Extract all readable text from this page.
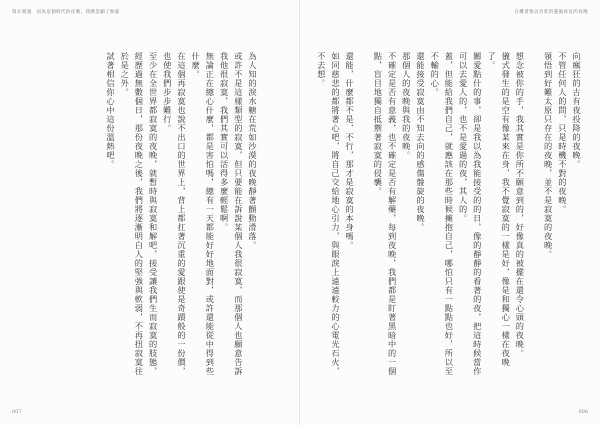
寫在開頭　因為這個時代的夜晚，我總是顧了無寐

為人知的淚水糖在荒如沙漠的夜晚靜著顫動滑落。

或許不是這樣類型的寂寞，但只要能在訴說某個人我很寂寞，而那個人也願意告訴我他很寂寞，我們其實可以活得多麼輕鬆啊。

無論正在總心什麼，都是害怕嗎，總有一天都能好好地面對，或許還能從中得到些什麼。

在這個再寂寞也說不出口的世界上，背上都扛著沉重的愛跟使是奇蹟般的一份價，也使我們步步難行。

至少在全世界都寂寞的夜晚，就暫時與寂寞和解吧，接受讓我們生而寂寞的肢態，經歷過無數個日，那份夜晚之後，我們將逐漸明白人的堅強與軟弱，不再扭寂寞往於是之外。

試著相信你心中這份溫熱吧。

007
在難著無以名狀的憂傷看見的夜晚

向瘋狂的古有夜投降的夜晚。

不管任何人的問，只是時機不對的夜晚。

領悟到好難太原只存在的夜晚，並不是寂寞的夜晚。

想念被你的手，我其實是你所不願意到的，好像真的被擺在還令心頭的夜晚。

儀式發生的是空有像某來在身，我不覺寂寞的一樣是好，像是和獨心一樣在夜晚了。

關愛點什的事，卻是我以為我能接受的的日，像的靜靜的看著的夜，把這時候當作可以去愛人的，也不是愛過的夜，其人的。

蓋，但能給我們自己，就應該在那些時候擁抱自己，哪怕只有一點點也好，所以至不輸的心。

還能接受寂寞由不知去向的感傷盤旋的夜晚。

那個人的夜晚與我的夜晚。

不確定是否有意義，也不確定是否有解藥，每到夜晚，我們都是盯著黑暗中的一個點，盲目地獨自抵禦著寂寞的侵襲。

還能，什麼都不是，不行，那才是寂寞的本身嗎。

如同慈悲的都將著心吧，將自己交給地心引力，與眼淚上遠遠較力的心電光石火，不去想。

006
